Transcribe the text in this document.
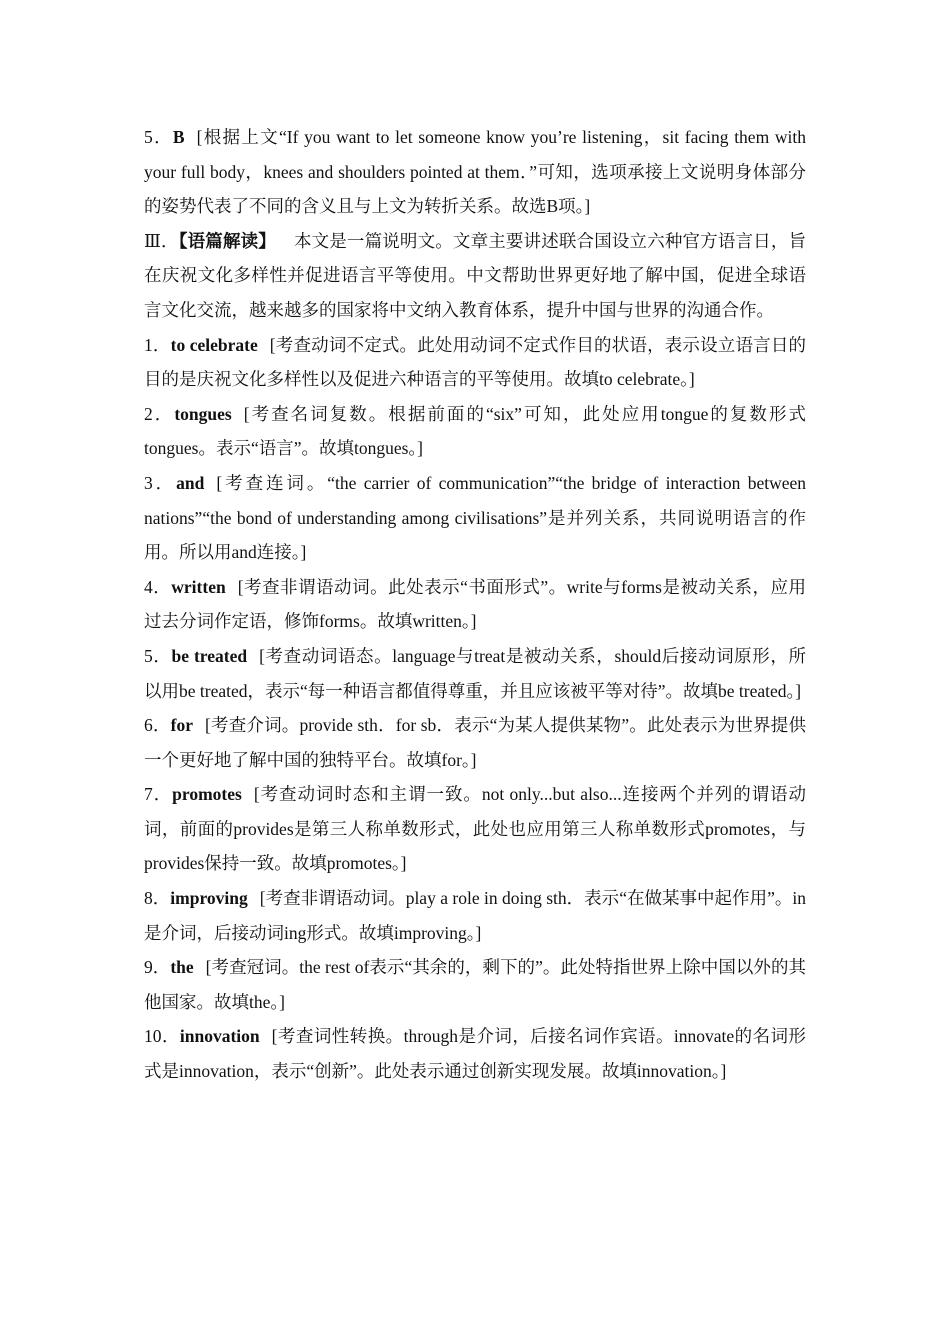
5．B [根据上文“If you want to let someone know you’re listening，sit facing them with your full body，knees and shoulders pointed at them．”可知，选项承接上文说明身体部分的姿势代表了不同的含义且与上文为转折关系。故选B项。]

Ⅲ．【语篇解读】 本文是一篇说明文。文章主要讲述联合国设立六种官方语言日，旨在庆祝文化多样性并促进语言平等使用。中文帮助世界更好地了解中国，促进全球语言文化交流，越来越多的国家将中文纳入教育体系，提升中国与世界的沟通合作。

1．to celebrate [考查动词不定式。此处用动词不定式作目的状语，表示设立语言日的目的是庆祝文化多样性以及促进六种语言的平等使用。故填to celebrate。]

2．tongues [考查名词复数。根据前面的“six”可知，此处应用tongue的复数形式tongues。表示“语言”。故填tongues。]

3．and [考查连词。“the carrier of communication”“the bridge of interaction between nations”“the bond of understanding among civilisations”是并列关系，共同说明语言的作用。所以用and连接。]

4．written [考查非谓语动词。此处表示“书面形式”。write与forms是被动关系，应用过去分词作定语，修饰forms。故填written。]

5．be treated [考查动词语态。language与treat是被动关系，should后接动词原形，所以用be treated，表示“每一种语言都值得尊重，并且应该被平等对待”。故填be treated。]

6．for [考查介词。provide sth．for sb．表示“为某人提供某物”。此处表示为世界提供一个更好地了解中国的独特平台。故填for。]

7．promotes [考查动词时态和主谓一致。not only...but also...连接两个并列的谓语动词，前面的provides是第三人称单数形式，此处也应用第三人称单数形式promotes，与provides保持一致。故填promotes。]

8．improving [考查非谓语动词。play a role in doing sth．表示“在做某事中起作用”。in是介词，后接动词ing形式。故填improving。]

9．the [考查冠词。the rest of表示“其余的，剩下的”。此处特指世界上除中国以外的其他国家。故填the。]

10．innovation [考查词性转换。through是介词，后接名词作宾语。innovate的名词形式是innovation，表示“创新”。此处表示通过创新实现发展。故填innovation。]
